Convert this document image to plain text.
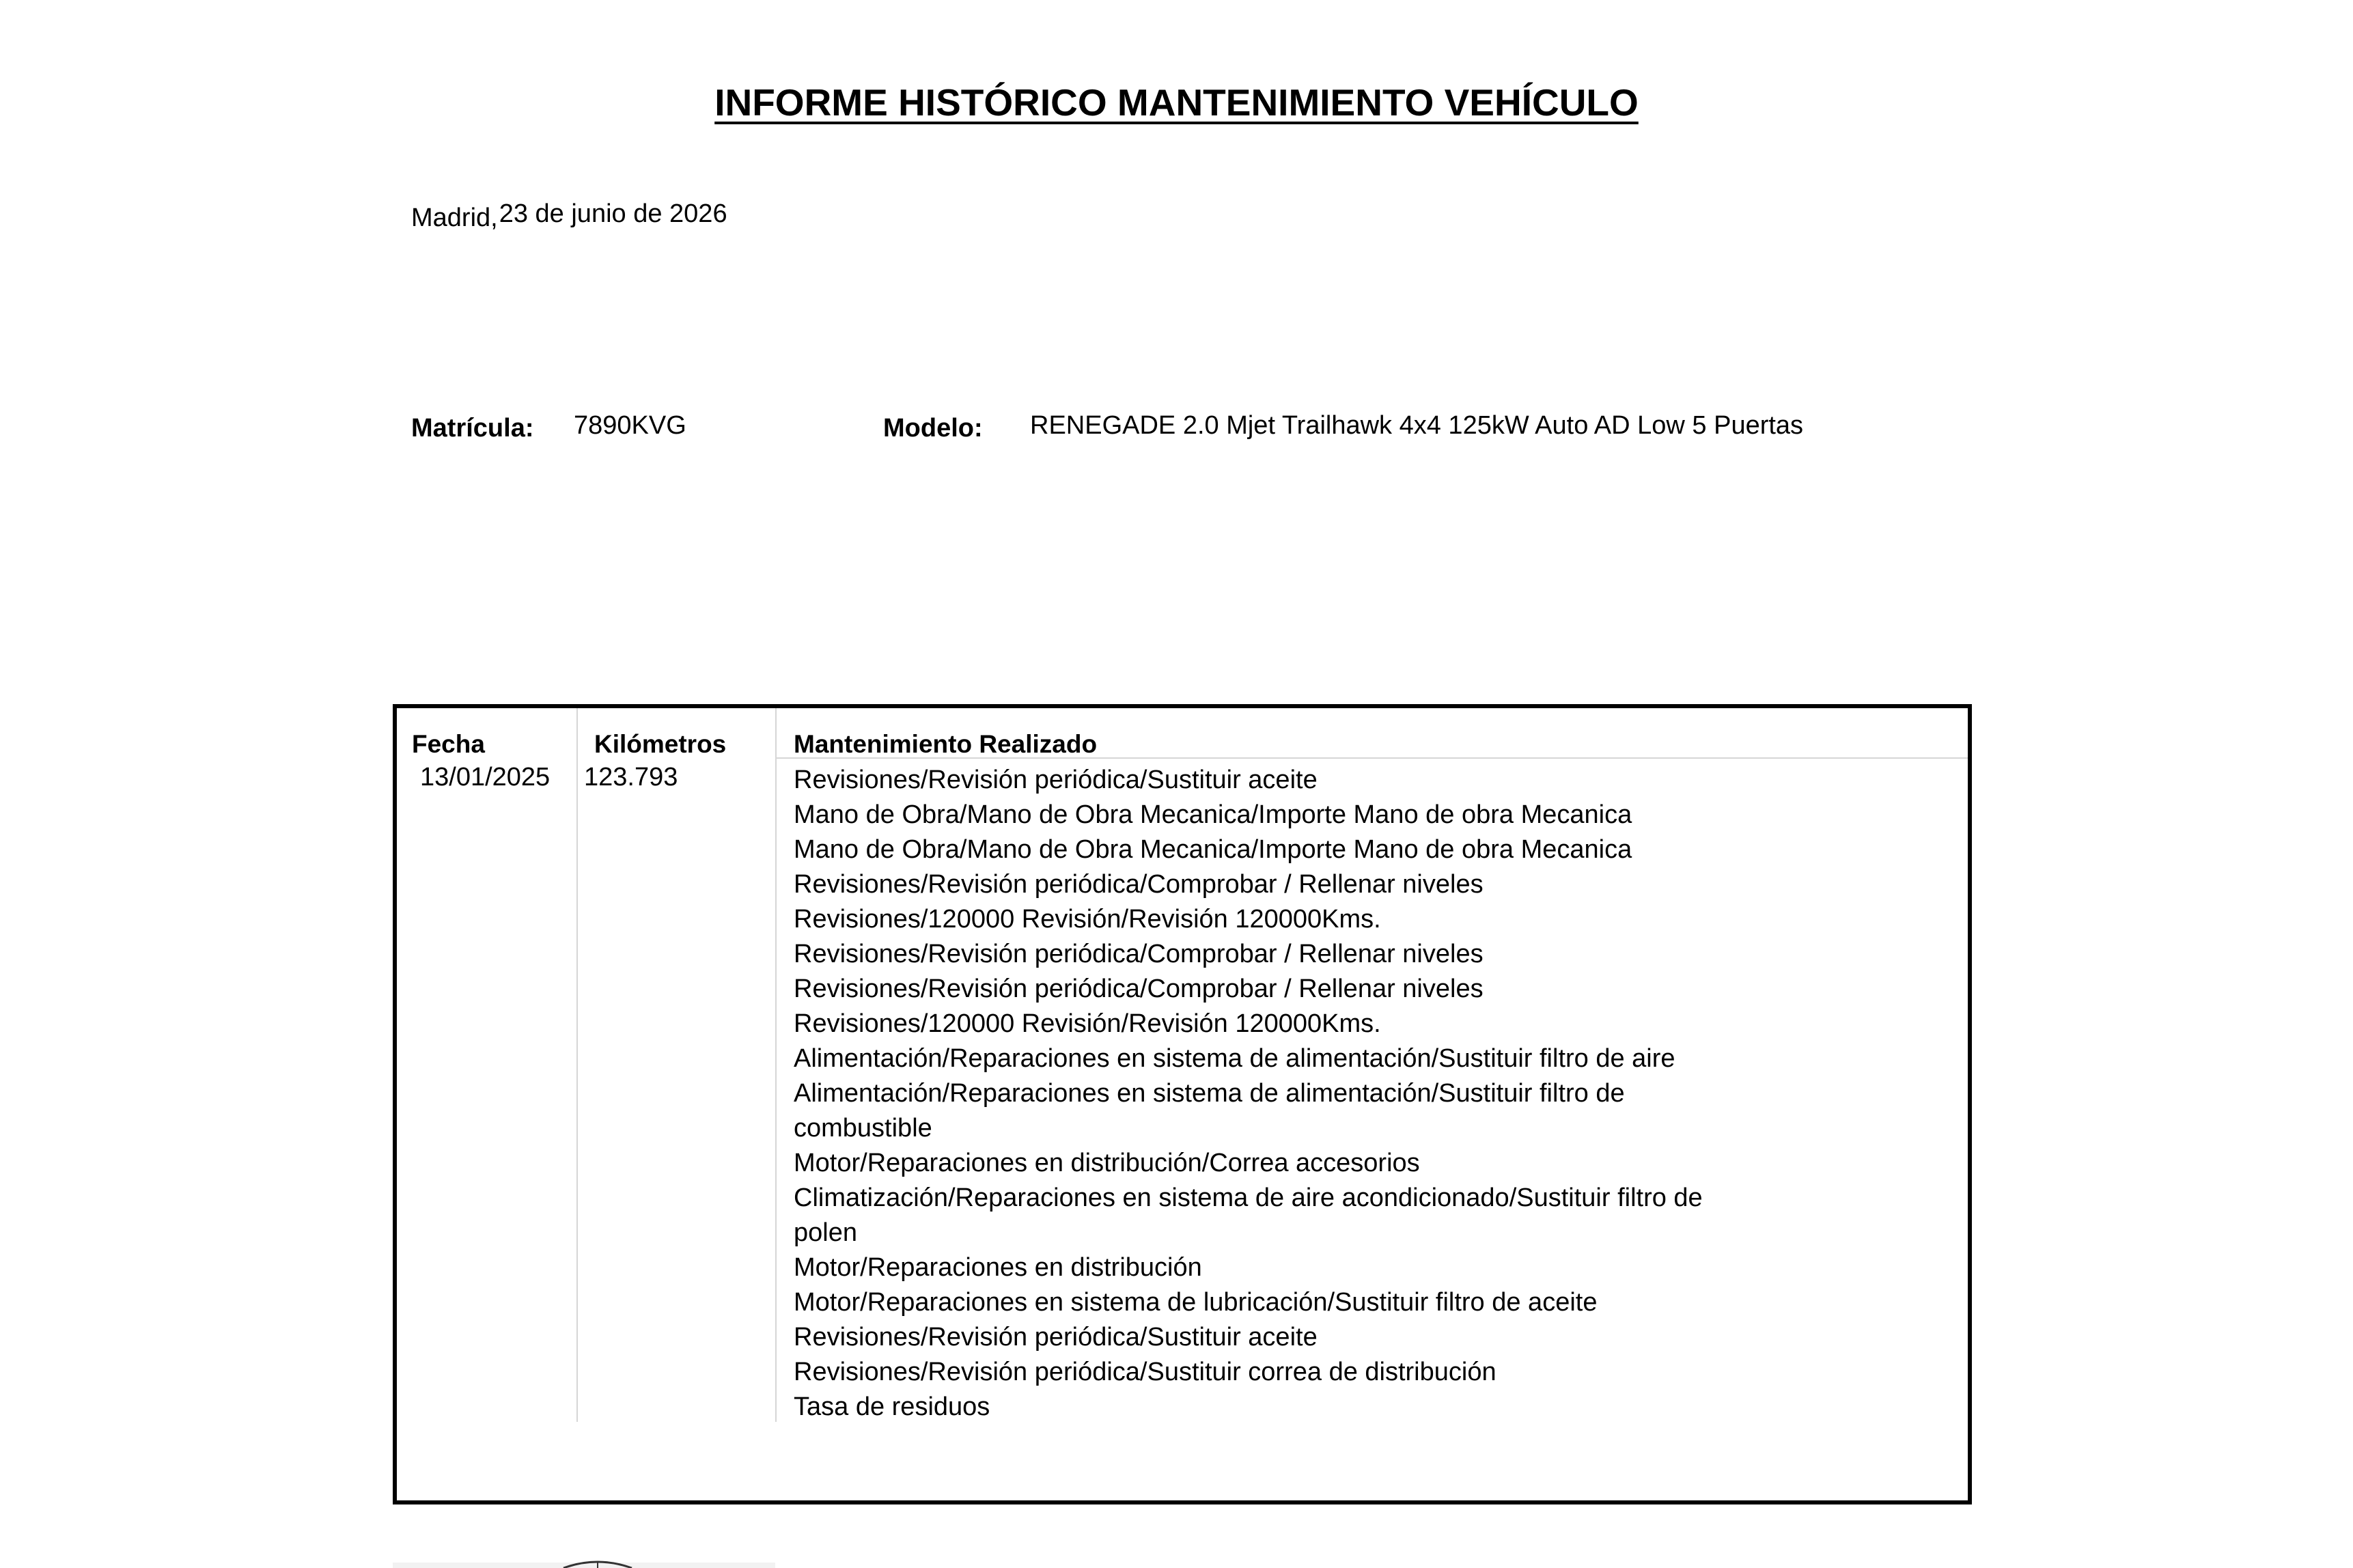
INFORME HISTÓRICO MANTENIMIENTO VEHÍCULO
Madrid,23 de junio de 2026
Matrícula: 7890KVG	Modelo: RENEGADE 2.0 Mjet Trailhawk 4x4 125kW Auto AD Low 5 Puertas
Fecha	Kilómetros	Mantenimiento Realizado
13/01/2025 123.793	Revisiones/Revisión periódica/Sustituir aceite
Mano de Obra/Mano de Obra Mecanica/Importe Mano de obra Mecanica
Mano de Obra/Mano de Obra Mecanica/Importe Mano de obra Mecanica
Revisiones/Revisión periódica/Comprobar / Rellenar niveles
Revisiones/120000 Revisión/Revisión 120000Kms.
Revisiones/Revisión periódica/Comprobar / Rellenar niveles
Revisiones/Revisión periódica/Comprobar / Rellenar niveles
Revisiones/120000 Revisión/Revisión 120000Kms.
Alimentación/Reparaciones en sistema de alimentación/Sustituir filtro de aire
Alimentación/Reparaciones en sistema de alimentación/Sustituir filtro de
combustible
Motor/Reparaciones en distribución/Correa accesorios
Climatización/Reparaciones en sistema de aire acondicionado/Sustituir filtro de
polen
Motor/Reparaciones en distribución
Motor/Reparaciones en sistema de lubricación/Sustituir filtro de aceite
Revisiones/Revisión periódica/Sustituir aceite
Revisiones/Revisión periódica/Sustituir correa de distribución
Tasa de residuos
